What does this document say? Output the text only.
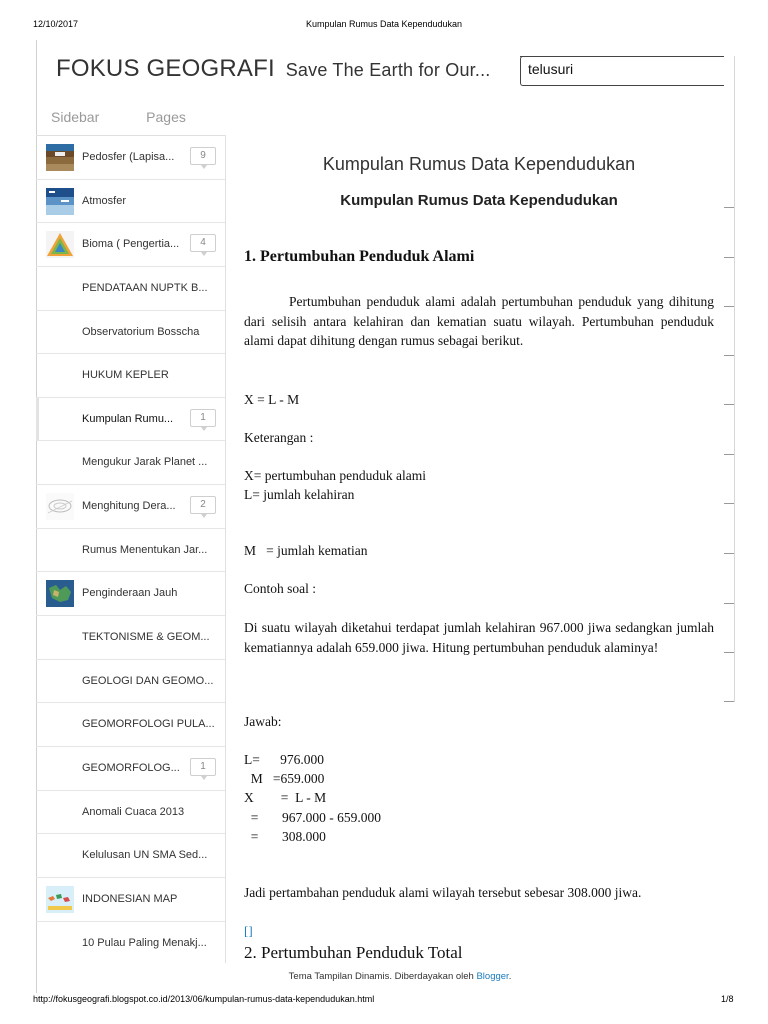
12/10/2017	Kumpulan Rumus Data Kependudukan
FOKUS GEOGRAFI Save The Earth for Our...	telusuri
Sidebar	Pages
Pedosfer (Lapisa...	9
Atmosfer
Bioma ( Pengertia...	4
PENDATAAN NUPTK B...
Observatorium Bosscha
HUKUM KEPLER
Kumpulan Rumu...	1
Mengukur Jarak Planet ...
Menghitung Dera...	2
Rumus Menentukan Jar...
Penginderaan Jauh
TEKTONISME & GEOM...
GEOLOGI DAN GEOMO...
GEOMORFOLOGI PULA...
GEOMORFOLOG...	1
Anomali Cuaca 2013
Kelulusan UN SMA Sed...
INDONESIAN MAP
10 Pulau Paling Menakj...
Kumpulan Rumus Data Kependudukan
Kumpulan Rumus Data Kependudukan
1. Pertumbuhan Penduduk Alami
Pertumbuhan penduduk alami adalah pertumbuhan penduduk yang dihitung dari selisih antara kelahiran dan kematian suatu wilayah. Pertumbuhan penduduk alami dapat dihitung dengan rumus sebagai berikut.
X = L - M
Keterangan :
X= pertumbuhan penduduk alami
L= jumlah kelahiran
M   = jumlah kematian
Contoh soal :
Di suatu wilayah diketahui terdapat jumlah kelahiran 967.000 jiwa sedangkan jumlah kematiannya adalah 659.000 jiwa. Hitung pertumbuhan penduduk alaminya!
Jawab:
L=      976.000
M   =659.000
X        =  L - M
=       967.000 - 659.000
=       308.000
Jadi pertambahan penduduk alami wilayah tersebut sebesar 308.000 jiwa.
[]
2. Pertumbuhan Penduduk Total
Tema Tampilan Dinamis. Diberdayakan oleh Blogger.
http://fokusgeografi.blogspot.co.id/2013/06/kumpulan-rumus-data-kependudukan.html	1/8
